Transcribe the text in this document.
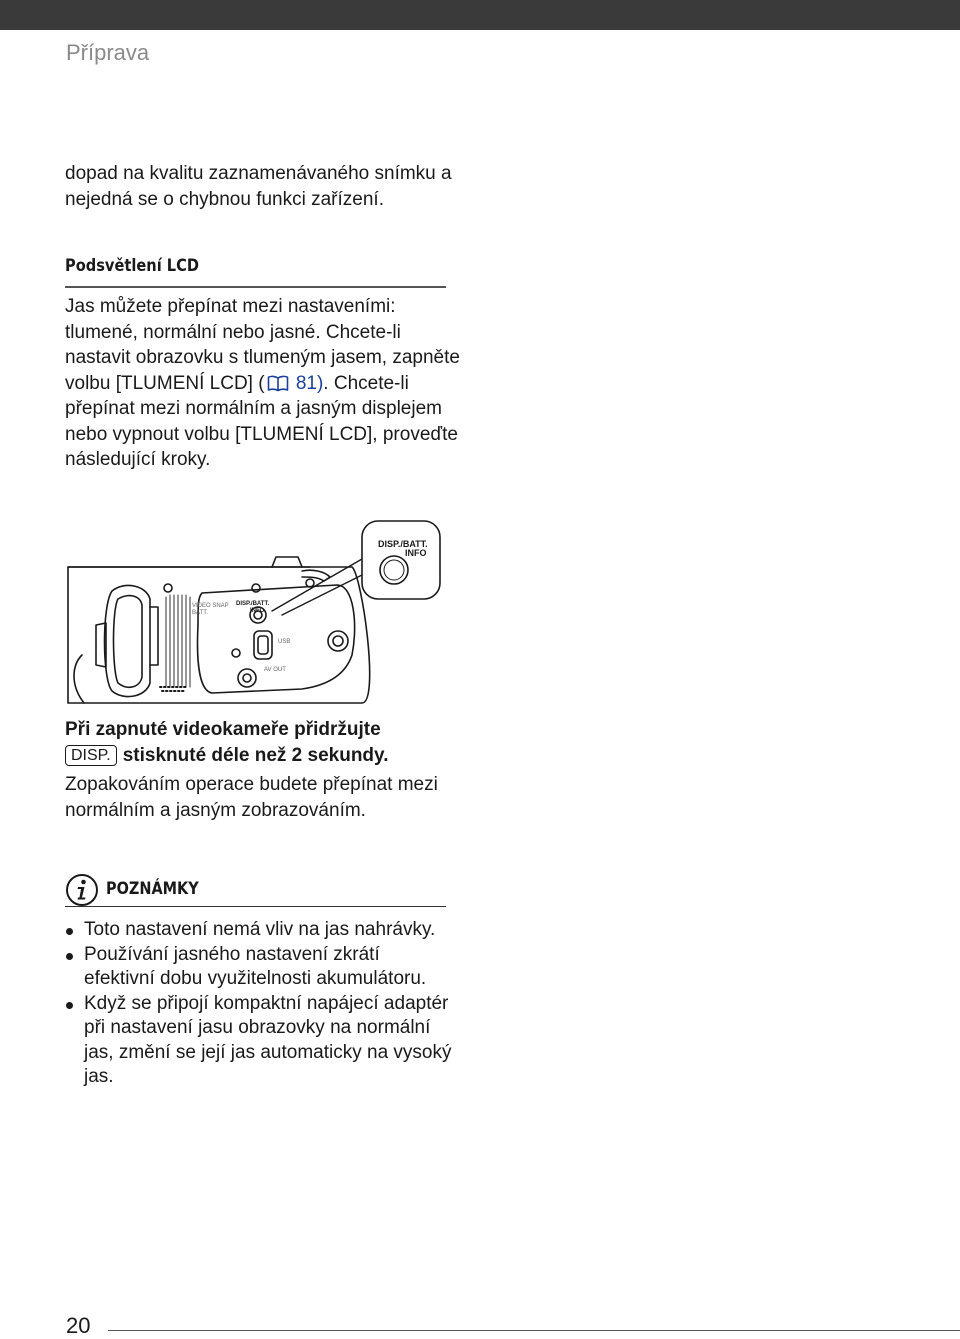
Příprava
dopad na kvalitu zaznamenávaného snímku a nejedná se o chybnou funkci zařízení.
Podsvětlení LCD
Jas můžete přepínat mezi nastaveními: tlumené, normální nebo jasné. Chcete-li nastavit obrazovku s tlumeným jasem, zapněte volbu [TLUMENÍ LCD] ( 81). Chcete-li přepínat mezi normálním a jasným displejem nebo vypnout volbu [TLUMENÍ LCD], proveďte následující kroky.
DISP./BATT.
INFO
VIDEO SNAP
BATT.
DISP./BATT.
INFO
USB
AV OUT
Při zapnuté videokameře přidržujte
DISP. stisknuté déle než 2 sekundy.
Zopakováním operace budete přepínat mezi normálním a jasným zobrazováním.
POZNÁMKY
Toto nastavení nemá vliv na jas nahrávky.
Používání jasného nastavení zkrátí efektivní dobu využitelnosti akumulátoru.
Když se připojí kompaktní napájecí adaptér při nastavení jasu obrazovky na normální jas, změní se její jas automaticky na vysoký jas.
20
